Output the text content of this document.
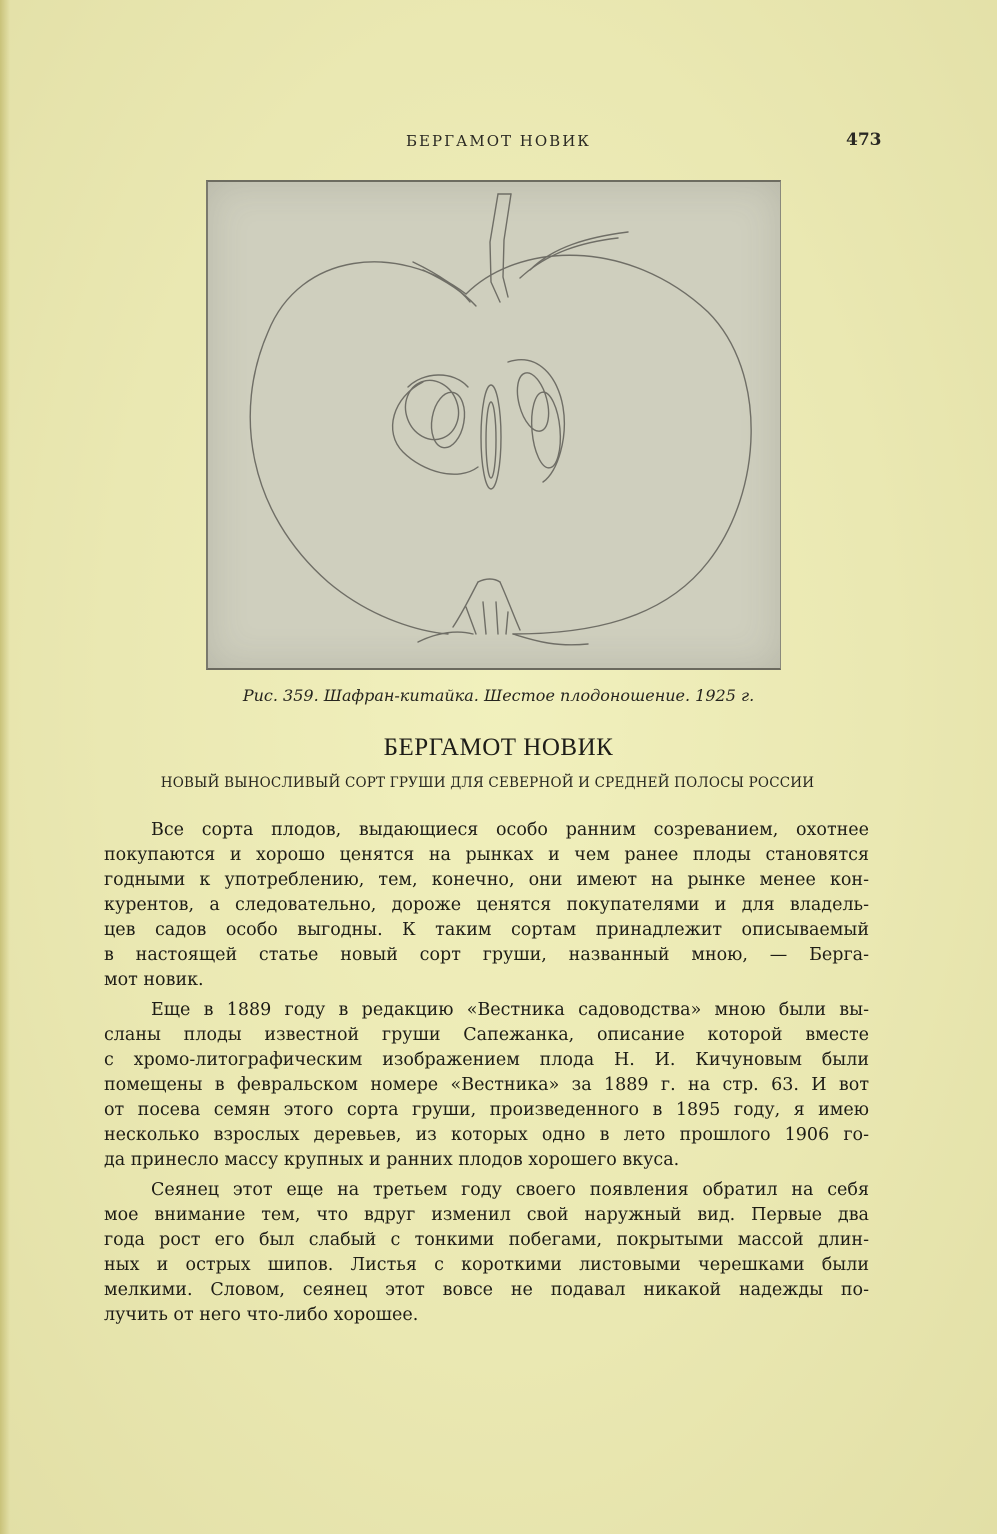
БЕРГАМОТ НОВИК	473
Рис. 359. Шафран-китайка. Шестое плодоношение. 1925 г.
БЕРГАМОТ НОВИК
НОВЫЙ ВЫНОСЛИВЫЙ СОРТ ГРУШИ ДЛЯ СЕВЕРНОЙ И СРЕДНЕЙ ПОЛОСЫ РОССИИ
Все сорта плодов, выдающиеся особо ранним созреванием, охотнее
покупаются и хорошо ценятся на рынках и чем ранее плоды становятся
годными к употреблению, тем, конечно, они имеют на рынке менее кон-
курентов, а следовательно, дороже ценятся покупателями и для владель-
цев садов особо выгодны. К таким сортам принадлежит описываемый
в настоящей статье новый сорт груши, названный мною, — Берга-
мот новик.
Еще в 1889 году в редакцию «Вестника садоводства» мною были вы-
сланы плоды известной груши Сапежанка, описание которой вместе
с хромо-литографическим изображением плода Н. И. Кичуновым были
помещены в февральском номере «Вестника» за 1889 г. на стр. 63. И вот
от посева семян этого сорта груши, произведенного в 1895 году, я имею
несколько взрослых деревьев, из которых одно в лето прошлого 1906 го-
да принесло массу крупных и ранних плодов хорошего вкуса.
Сеянец этот еще на третьем году своего появления обратил на себя
мое внимание тем, что вдруг изменил свой наружный вид. Первые два
года рост его был слабый с тонкими побегами, покрытыми массой длин-
ных и острых шипов. Листья с короткими листовыми черешками были
мелкими. Словом, сеянец этот вовсе не подавал никакой надежды по-
лучить от него что-либо хорошее.
